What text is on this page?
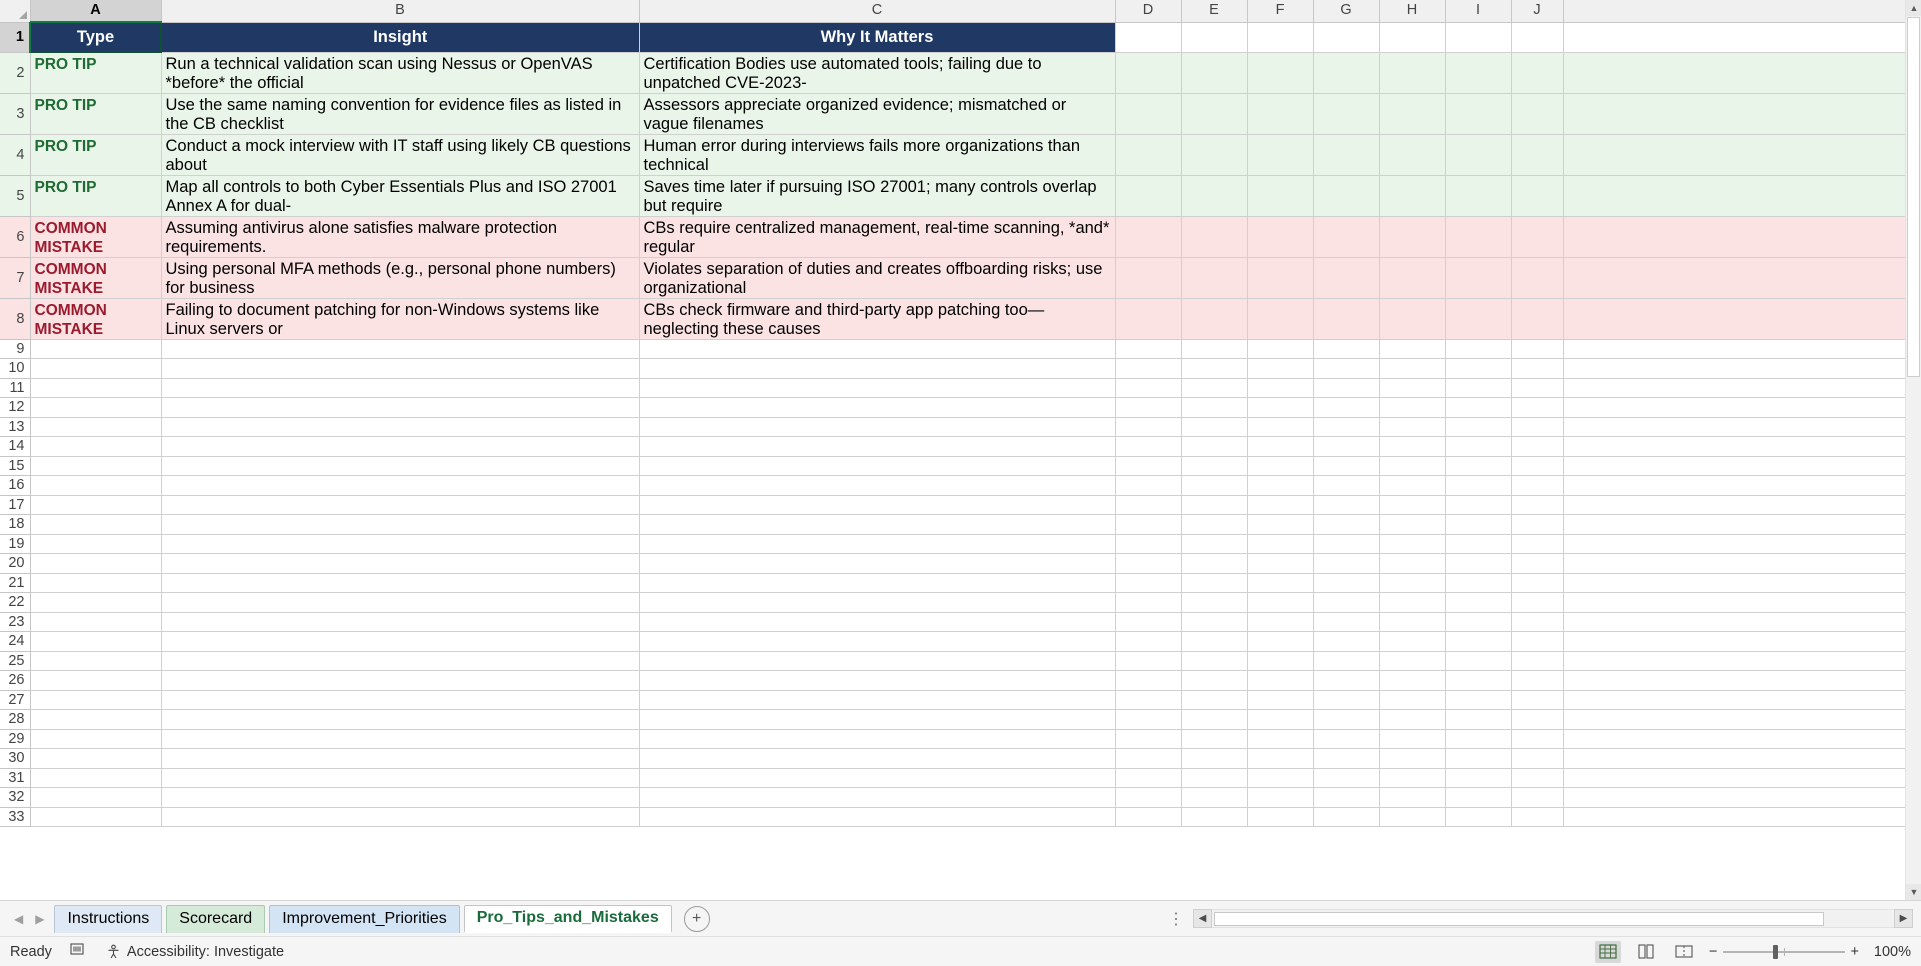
	A	B	C	D	E	F	G	H	I	J	
1	Type	Insight	Why It Matters								
2	PRO TIP	Run a technical validation scan using Nessus or OpenVAS *before* the official	Certification Bodies use automated tools; failing due to unpatched CVE-2023-								

3	PRO TIP	Use the same naming convention for evidence files as listed in the CB checklist	Assessors appreciate organized evidence; mismatched or vague filenames								

4	PRO TIP	Conduct a mock interview with IT staff using likely CB questions about	Human error during interviews fails more organizations than technical								

5	PRO TIP	Map all controls to both Cyber Essentials Plus and ISO 27001 Annex A for dual-	Saves time later if pursuing ISO 27001; many controls overlap but require								

6	COMMON MISTAKE	Assuming antivirus alone satisfies malware protection requirements.	CBs require centralized management, real-time scanning, *and* regular								

7	COMMON MISTAKE	Using personal MFA methods (e.g., personal phone numbers) for business	Violates separation of duties and creates offboarding risks; use organizational								

8	COMMON MISTAKE	Failing to document patching for non-Windows systems like Linux servers or	CBs check firmware and third-party app patching too—neglecting these causes								

9											
10											
11											
12											
13											
14											
15											
16											
17											
18											
19											
20											
21											
22											
23											
24											
25											
26											
27											
28											
29											
30											
31											
32											
33											
▲
▼
◀ ▶	Instructions	Scorecard	Improvement_Priorities	Pro_Tips_and_Mistakes	+	⋮	◀	▶
Ready	Accessibility: Investigate	−	+ 100%
